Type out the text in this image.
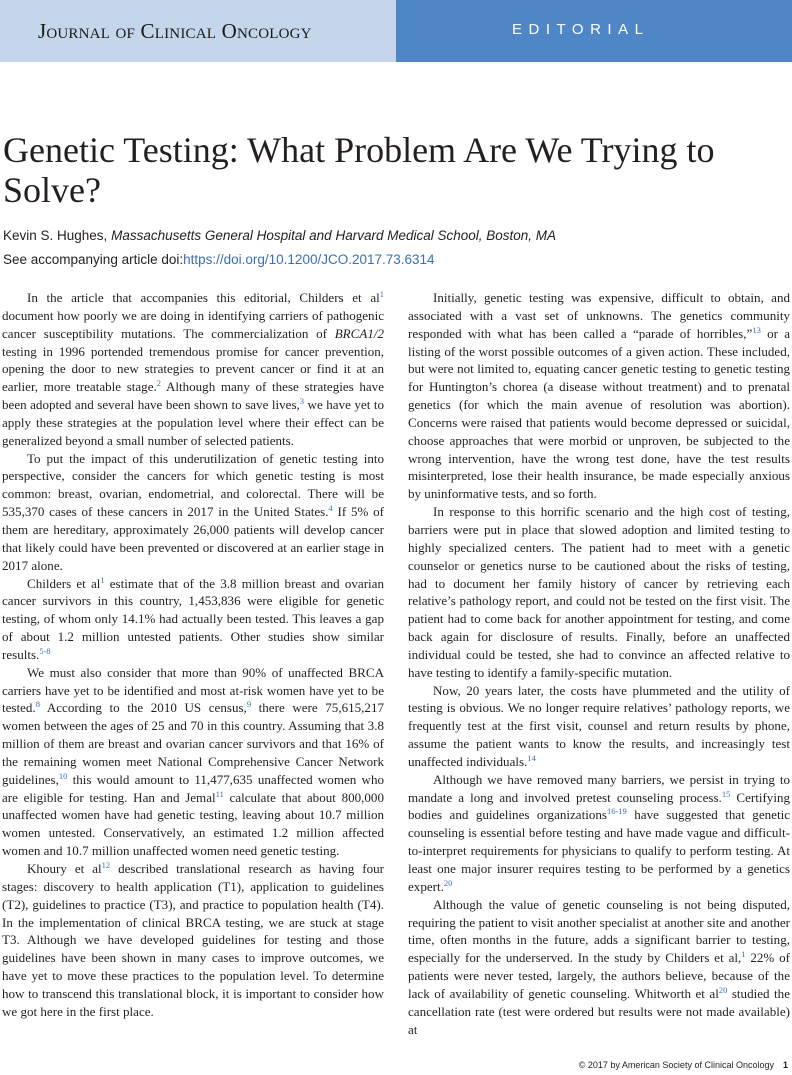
Journal of Clinical Oncology	EDITORIAL
Genetic Testing: What Problem Are We Trying to Solve?

Kevin S. Hughes, Massachusetts General Hospital and Harvard Medical School, Boston, MA

See accompanying article doi:https://doi.org/10.1200/JCO.2017.73.6314

In the article that accompanies this editorial, Childers et al$^1$ document how poorly we are doing in identifying carriers of pathogenic cancer susceptibility mutations. The commercialization of BRCA1/2 testing in 1996 portended tremendous promise for cancer prevention, opening the door to new strategies to prevent cancer or find it at an earlier, more treatable stage.$^2$ Although many of these strategies have been adopted and several have been shown to save lives,$^3$ we have yet to apply these strategies at the population level where their effect can be generalized beyond a small number of selected patients.

To put the impact of this underutilization of genetic testing into perspective, consider the cancers for which genetic testing is most common: breast, ovarian, endometrial, and colorectal. There will be 535,370 cases of these cancers in 2017 in the United States.$^4$ If 5% of them are hereditary, approximately 26,000 patients will develop cancer that likely could have been prevented or discovered at an earlier stage in 2017 alone.

Childers et al$^1$ estimate that of the 3.8 million breast and ovarian cancer survivors in this country, 1,453,836 were eligible for genetic testing, of whom only 14.1% had actually been tested. This leaves a gap of about 1.2 million untested patients. Other studies show similar results.$^{5-8}$

We must also consider that more than 90% of unaffected BRCA carriers have yet to be identified and most at-risk women have yet to be tested.$^8$ According to the 2010 US census,$^9$ there were 75,615,217 women between the ages of 25 and 70 in this country. Assuming that 3.8 million of them are breast and ovarian cancer survivors and that 16% of the remaining women meet National Comprehensive Cancer Network guidelines,$^{10}$ this would amount to 11,477,635 unaffected women who are eligible for testing. Han and Jemal$^{11}$ calculate that about 800,000 unaffected women have had genetic testing, leaving about 10.7 million women untested. Conservatively, an estimated 1.2 million affected women and 10.7 million unaffected women need genetic testing.

Khoury et al$^{12}$ described translational research as having four stages: discovery to health application (T1), application to guidelines (T2), guidelines to practice (T3), and practice to population health (T4). In the implementation of clinical BRCA testing, we are stuck at stage T3. Although we have developed guidelines for testing and those guidelines have been shown in many cases to improve outcomes, we have yet to move these practices to the population level. To determine how to transcend this translational block, it is important to consider how we got here in the first place.

Initially, genetic testing was expensive, difficult to obtain, and associated with a vast set of unknowns. The genetics community responded with what has been called a “parade of horribles,”$^{13}$ or a listing of the worst possible outcomes of a given action. These included, but were not limited to, equating cancer genetic testing to genetic testing for Huntington’s chorea (a disease without treatment) and to prenatal genetics (for which the main avenue of resolution was abortion). Concerns were raised that patients would become depressed or suicidal, choose approaches that were morbid or unproven, be subjected to the wrong intervention, have the wrong test done, have the test results misinterpreted, lose their health insurance, be made especially anxious by uninformative tests, and so forth.

In response to this horrific scenario and the high cost of testing, barriers were put in place that slowed adoption and limited testing to highly specialized centers. The patient had to meet with a genetic counselor or genetics nurse to be cautioned about the risks of testing, had to document her family history of cancer by retrieving each relative’s pathology report, and could not be tested on the first visit. The patient had to come back for another appointment for testing, and come back again for disclosure of results. Finally, before an unaffected individual could be tested, she had to convince an affected relative to have testing to identify a family-specific mutation.

Now, 20 years later, the costs have plummeted and the utility of testing is obvious. We no longer require relatives’ pathology reports, we frequently test at the first visit, counsel and return results by phone, assume the patient wants to know the results, and increasingly test unaffected individuals.$^{14}$

Although we have removed many barriers, we persist in trying to mandate a long and involved pretest counseling process.$^{15}$ Certifying bodies and guidelines organizations$^{16-19}$ have suggested that genetic counseling is essential before testing and have made vague and difficult-to-interpret requirements for physicians to qualify to perform testing. At least one major insurer requires testing to be performed by a genetics expert.$^{20}$

Although the value of genetic counseling is not being disputed, requiring the patient to visit another specialist at another site and another time, often months in the future, adds a significant barrier to testing, especially for the underserved. In the study by Childers et al,$^1$ 22% of patients were never tested, largely, the authors believe, because of the lack of availability of genetic counseling. Whitworth et al$^{20}$ studied the cancellation rate (test were ordered but results were not made available) at

© 2017 by American Society of Clinical Oncology 1
